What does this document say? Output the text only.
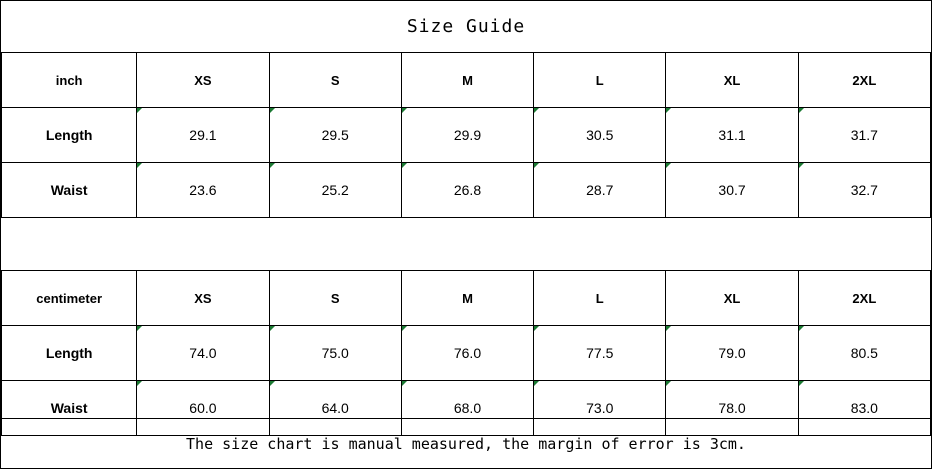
Size Guide
inch	XS	S	M	L	XL	2XL
Length	29.1	29.5	29.9	30.5	31.1	31.7
Waist	23.6	25.2	26.8	28.7	30.7	32.7
centimeter	XS	S	M	L	XL	2XL
Length	74.0	75.0	76.0	77.5	79.0	80.5
Waist	60.0	64.0	68.0	73.0	78.0	83.0
The size chart is manual measured, the margin of error is 3cm.
